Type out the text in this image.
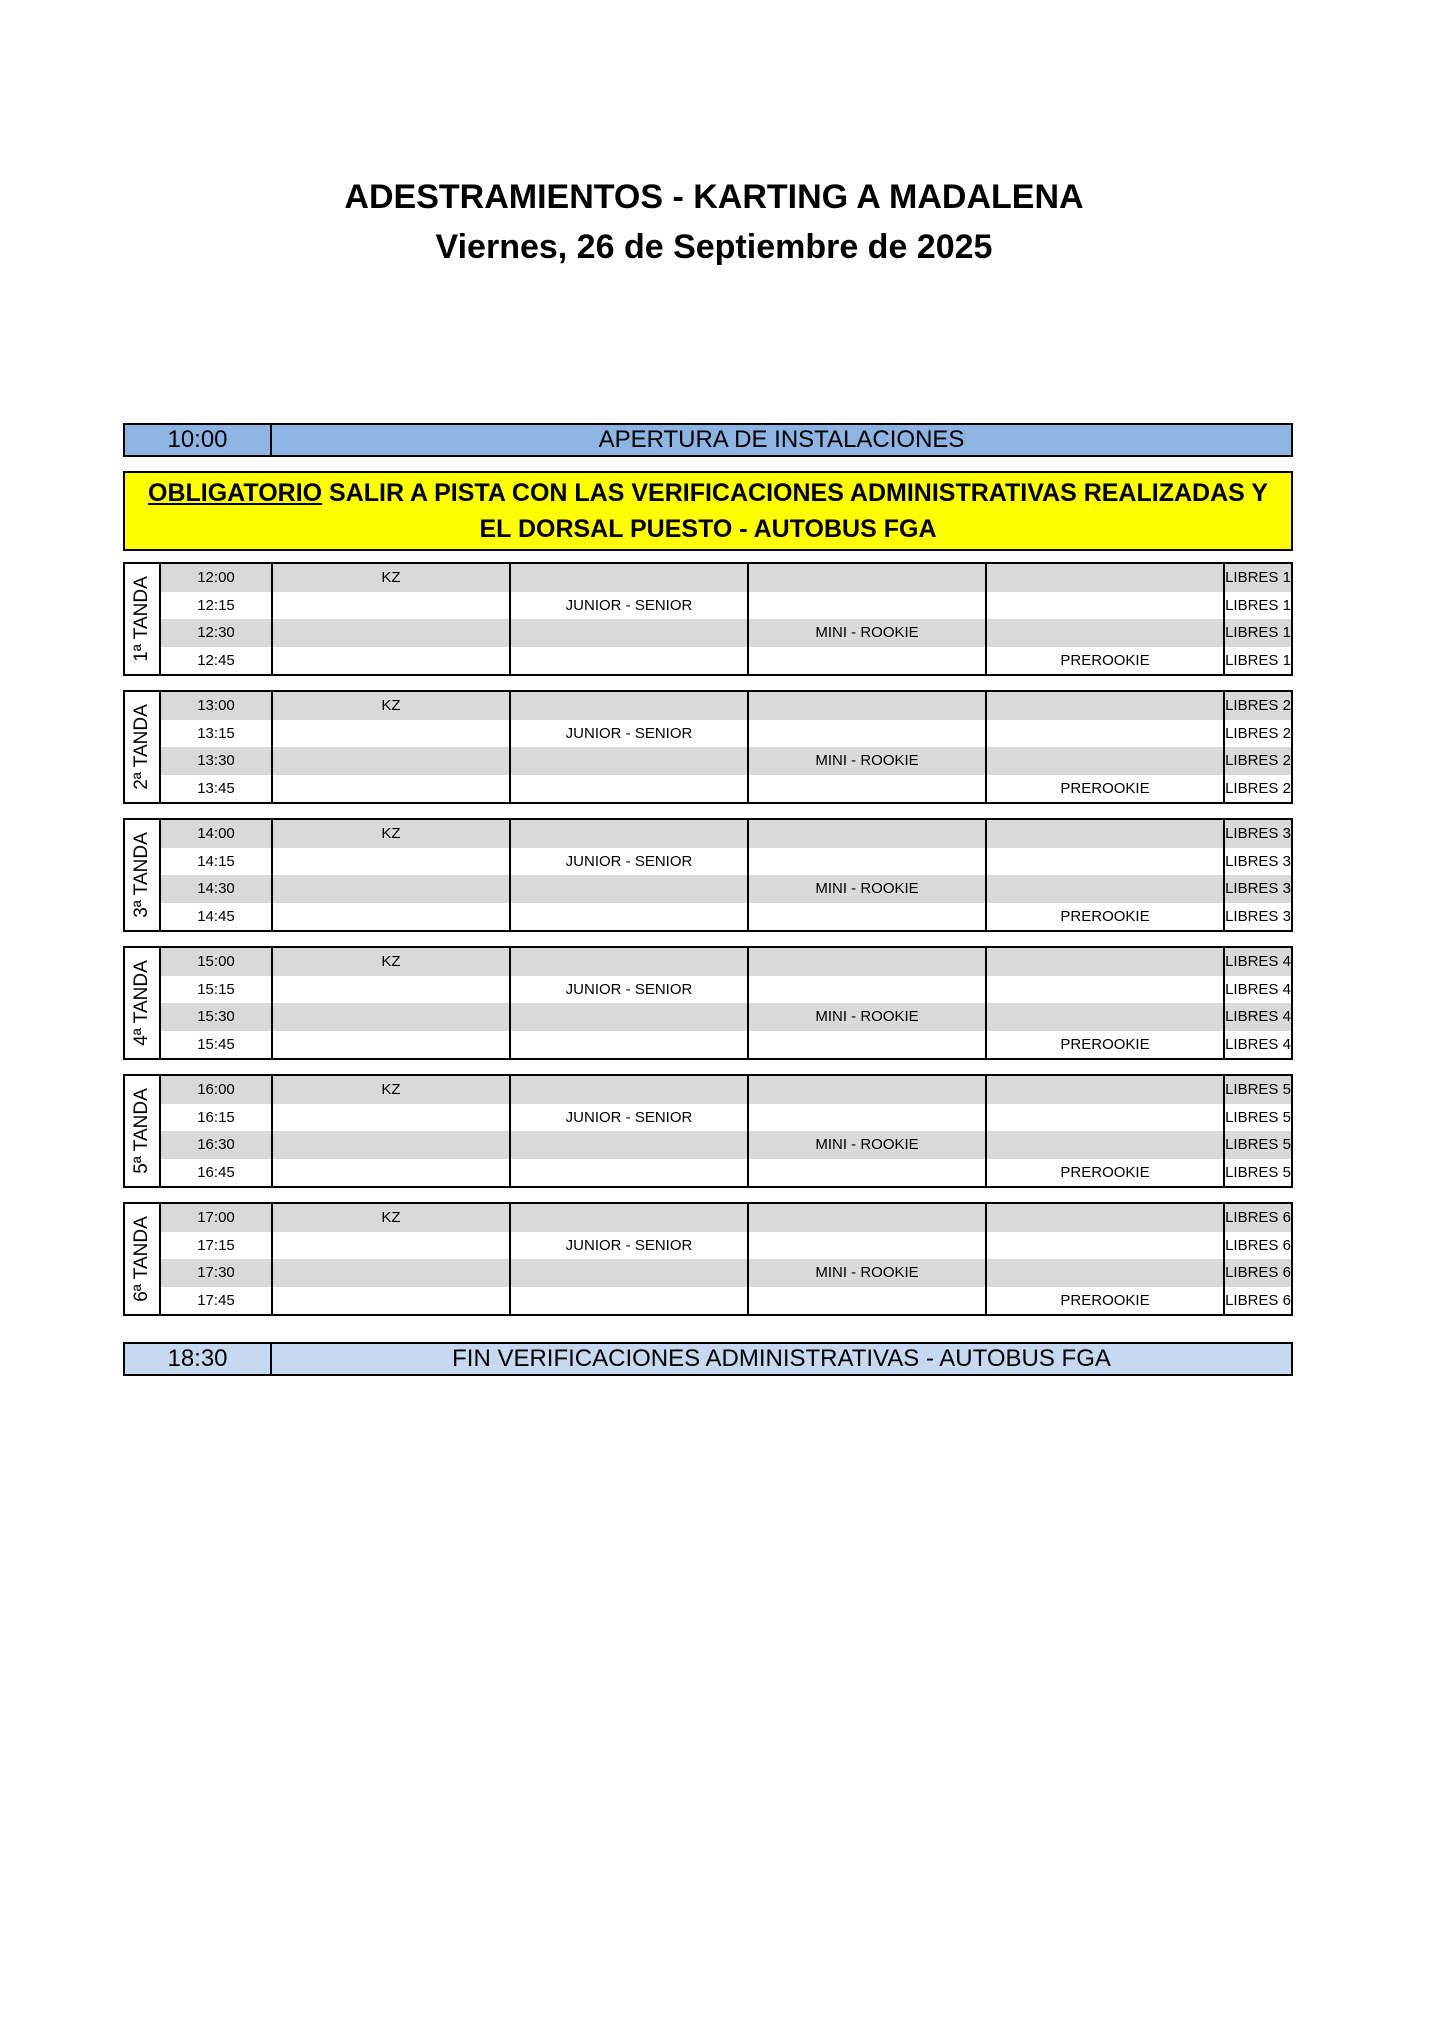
ADESTRAMIENTOS - KARTING A MADALENA
Viernes, 26 de Septiembre de 2025
10:00	APERTURA DE INSTALACIONES
OBLIGATORIO SALIR A PISTA CON LAS VERIFICACIONES ADMINISTRATIVAS REALIZADAS Y
EL DORSAL PUESTO - AUTOBUS FGA
1ª TANDA	12:00	KZ	LIBRES 1
12:15	JUNIOR - SENIOR	LIBRES 1
12:30	MINI - ROOKIE	LIBRES 1
12:45	PREROOKIE	LIBRES 1
2ª TANDA	13:00	KZ	LIBRES 2
13:15	JUNIOR - SENIOR	LIBRES 2
13:30	MINI - ROOKIE	LIBRES 2
13:45	PREROOKIE	LIBRES 2
3ª TANDA	14:00	KZ	LIBRES 3
14:15	JUNIOR - SENIOR	LIBRES 3
14:30	MINI - ROOKIE	LIBRES 3
14:45	PREROOKIE	LIBRES 3
4ª TANDA	15:00	KZ	LIBRES 4
15:15	JUNIOR - SENIOR	LIBRES 4
15:30	MINI - ROOKIE	LIBRES 4
15:45	PREROOKIE	LIBRES 4
5ª TANDA	16:00	KZ	LIBRES 5
16:15	JUNIOR - SENIOR	LIBRES 5
16:30	MINI - ROOKIE	LIBRES 5
16:45	PREROOKIE	LIBRES 5
6ª TANDA	17:00	KZ	LIBRES 6
17:15	JUNIOR - SENIOR	LIBRES 6
17:30	MINI - ROOKIE	LIBRES 6
17:45	PREROOKIE	LIBRES 6
18:30	FIN VERIFICACIONES ADMINISTRATIVAS - AUTOBUS FGA
